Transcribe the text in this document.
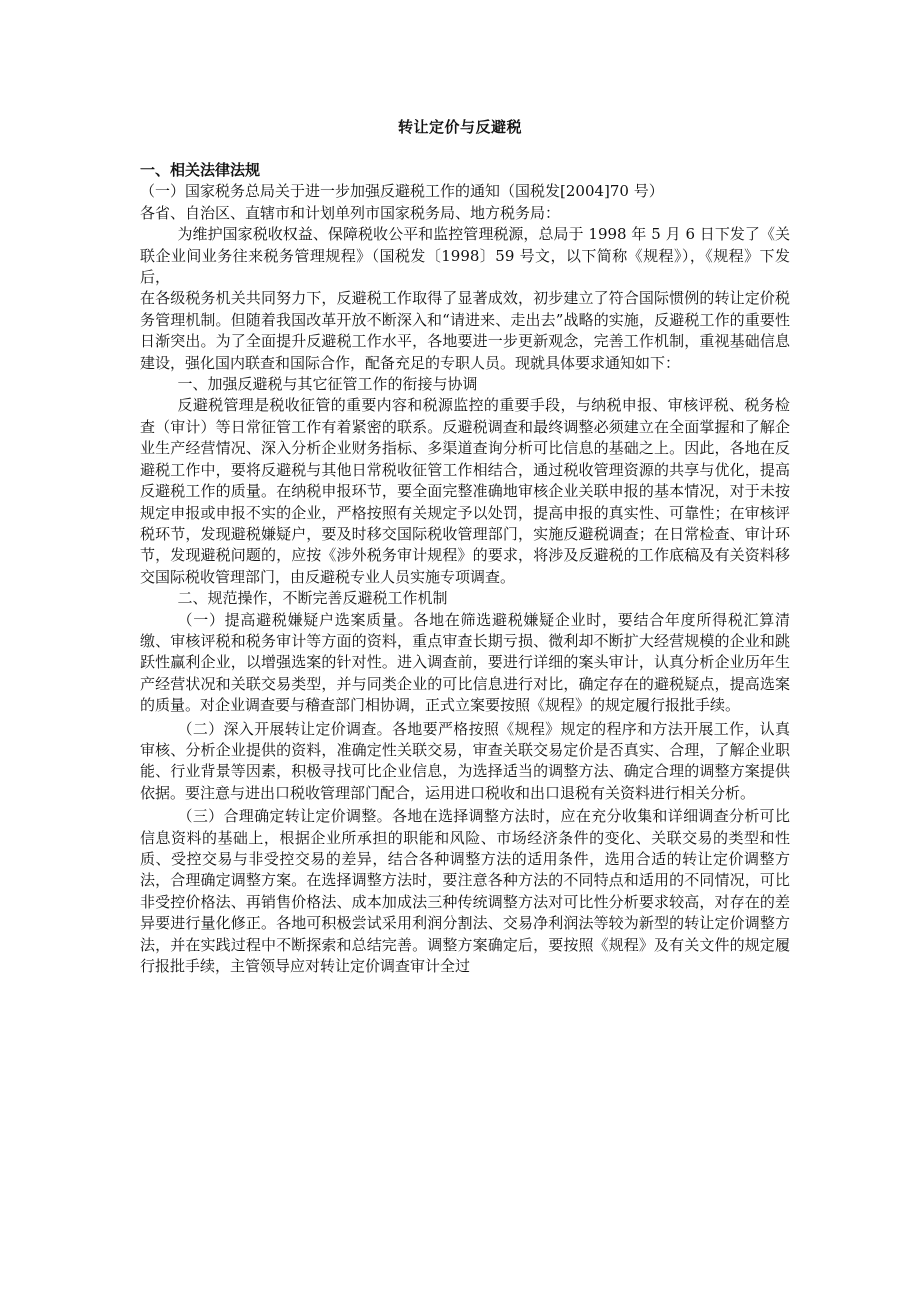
转让定价与反避税

一、相关法律法规

（一）国家税务总局关于进一步加强反避税工作的通知（国税发[2004]70 号）

各省、自治区、直辖市和计划单列市国家税务局、地方税务局：

为维护国家税收权益、保障税收公平和监控管理税源，总局于 1998 年 5 月 6 日下发了《关联企业间业务往来税务管理规程》（国税发〔1998〕59 号文，以下简称《规程》），《规程》下发后，

在各级税务机关共同努力下，反避税工作取得了显著成效，初步建立了符合国际惯例的转让定价税务管理机制。但随着我国改革开放不断深入和“请进来、走出去”战略的实施，反避税工作的重要性日渐突出。为了全面提升反避税工作水平，各地要进一步更新观念，完善工作机制，重视基础信息建设，强化国内联查和国际合作，配备充足的专职人员。现就具体要求通知如下：

一、加强反避税与其它征管工作的衔接与协调

反避税管理是税收征管的重要内容和税源监控的重要手段，与纳税申报、审核评税、税务检查（审计）等日常征管工作有着紧密的联系。反避税调查和最终调整必须建立在全面掌握和了解企业生产经营情况、深入分析企业财务指标、多渠道查询分析可比信息的基础之上。因此，各地在反避税工作中，要将反避税与其他日常税收征管工作相结合，通过税收管理资源的共享与优化，提高反避税工作的质量。在纳税申报环节，要全面完整准确地审核企业关联申报的基本情况，对于未按规定申报或申报不实的企业，严格按照有关规定予以处罚，提高申报的真实性、可靠性；在审核评税环节，发现避税嫌疑户，要及时移交国际税收管理部门，实施反避税调查；在日常检查、审计环节，发现避税问题的，应按《涉外税务审计规程》的要求，将涉及反避税的工作底稿及有关资料移交国际税收管理部门，由反避税专业人员实施专项调查。

二、规范操作，不断完善反避税工作机制

（一）提高避税嫌疑户选案质量。各地在筛选避税嫌疑企业时，要结合年度所得税汇算清缴、审核评税和税务审计等方面的资料，重点审查长期亏损、微利却不断扩大经营规模的企业和跳跃性赢利企业，以增强选案的针对性。进入调查前，要进行详细的案头审计，认真分析企业历年生产经营状况和关联交易类型，并与同类企业的可比信息进行对比，确定存在的避税疑点，提高选案的质量。对企业调查要与稽查部门相协调，正式立案要按照《规程》的规定履行报批手续。

（二）深入开展转让定价调查。各地要严格按照《规程》规定的程序和方法开展工作，认真审核、分析企业提供的资料，准确定性关联交易，审查关联交易定价是否真实、合理，了解企业职能、行业背景等因素，积极寻找可比企业信息，为选择适当的调整方法、确定合理的调整方案提供依据。要注意与进出口税收管理部门配合，运用进口税收和出口退税有关资料进行相关分析。

（三）合理确定转让定价调整。各地在选择调整方法时，应在充分收集和详细调查分析可比信息资料的基础上，根据企业所承担的职能和风险、市场经济条件的变化、关联交易的类型和性质、受控交易与非受控交易的差异，结合各种调整方法的适用条件，选用合适的转让定价调整方法，合理确定调整方案。在选择调整方法时，要注意各种方法的不同特点和适用的不同情况，可比非受控价格法、再销售价格法、成本加成法三种传统调整方法对可比性分析要求较高，对存在的差异要进行量化修正。各地可积极尝试采用利润分割法、交易净利润法等较为新型的转让定价调整方法，并在实践过程中不断探索和总结完善。调整方案确定后，要按照《规程》及有关文件的规定履行报批手续，主管领导应对转让定价调查审计全过
